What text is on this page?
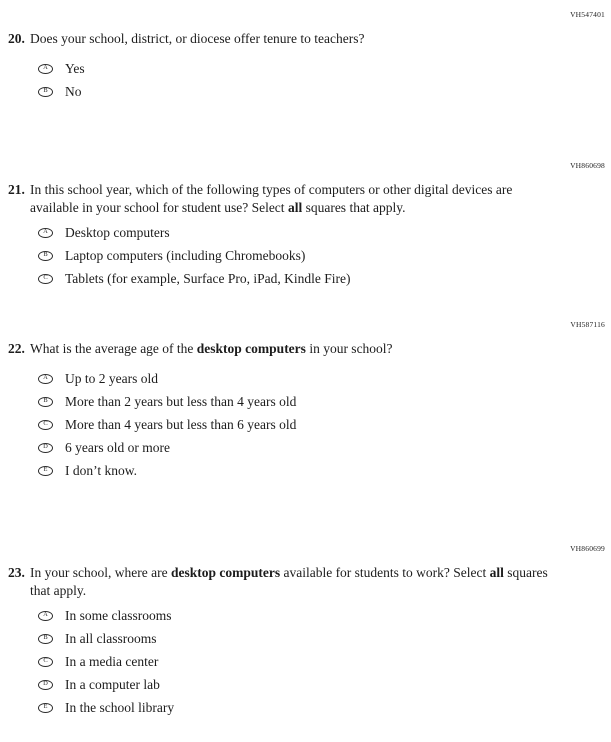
VH547401
20. Does your school, district, or diocese offer tenure to teachers?

A Yes
B No
VH860698
21. In this school year, which of the following types of computers or other digital devices are available in your school for student use? Select all squares that apply.

A Desktop computers
B Laptop computers (including Chromebooks)
C Tablets (for example, Surface Pro, iPad, Kindle Fire)
VH587116
22. What is the average age of the desktop computers in your school?

A Up to 2 years old
B More than 2 years but less than 4 years old
C More than 4 years but less than 6 years old
D 6 years old or more
E I don’t know.
VH860699
23. In your school, where are desktop computers available for students to work? Select all squares that apply.

A In some classrooms
B In all classrooms
C In a media center
D In a computer lab
E In the school library
